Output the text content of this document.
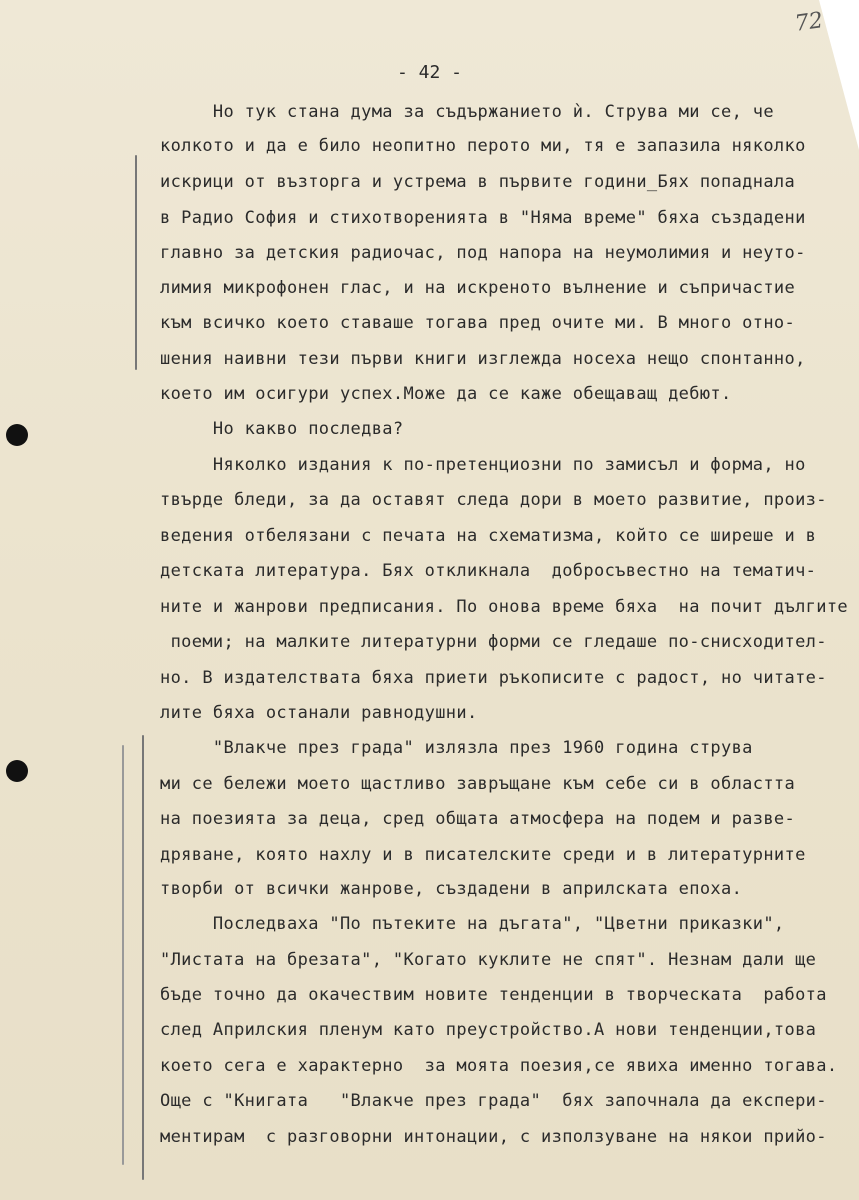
72
- 42 -
Но тук стана дума за съдържанието ѝ. Струва ми се, че
колкото и да е било неопитно перото ми, тя е запазила няколко
искрици от възторга и устрема в първите години_Бях попаднала
в Радио София и стихотворенията в "Няма време" бяха създадени
главно за детския радиочас, под напора на неумолимия и неуто-
лимия микрофонен глас, и на искреното вълнение и съпричастие
към всичко което ставаше тогава пред очите ми. В много отно-
шения наивни тези първи книги изглежда носеха нещо спонтанно,
което им осигури успех.Може да се каже обещаващ дебют.
Но какво последва?
Няколко издания к по-претенциозни по замисъл и форма, но
твърде бледи, за да оставят следа дори в моето развитие, произ-
ведения отбелязани с печата на схематизма, който се ширеше и в
детската литература. Бях откликнала  добросъвестно на тематич-
ните и жанрови предписания. По онова време бяха  на почит дългите
поеми; на малките литературни форми се гледаше по-снисходител-
но. В издателствата бяха приети ръкописите с радост, но читате-
лите бяха останали равнодушни.
"Влакче през града" излязла през 1960 година струва
ми се бележи моето щастливо завръщане към себе си в областта
на поезията за деца, сред общата атмосфера на подем и разве-
дряване, която нахлу и в писателските среди и в литературните
творби от всички жанрове, създадени в априлската епоха.
Последваха "По пътеките на дъгата", "Цветни приказки",
"Листата на брезата", "Когато куклите не спят". Незнам дали ще
бъде точно да окачествим новите тенденции в творческата  работа
след Априлския пленум като преустройство.А нови тенденции,това
което сега е характерно  за моята поезия,се явиха именно тогава.
Още с "Книгата   "Влакче през града"  бях започнала да експери-
ментирам  с разговорни интонации, с използуване на някои прийо-
